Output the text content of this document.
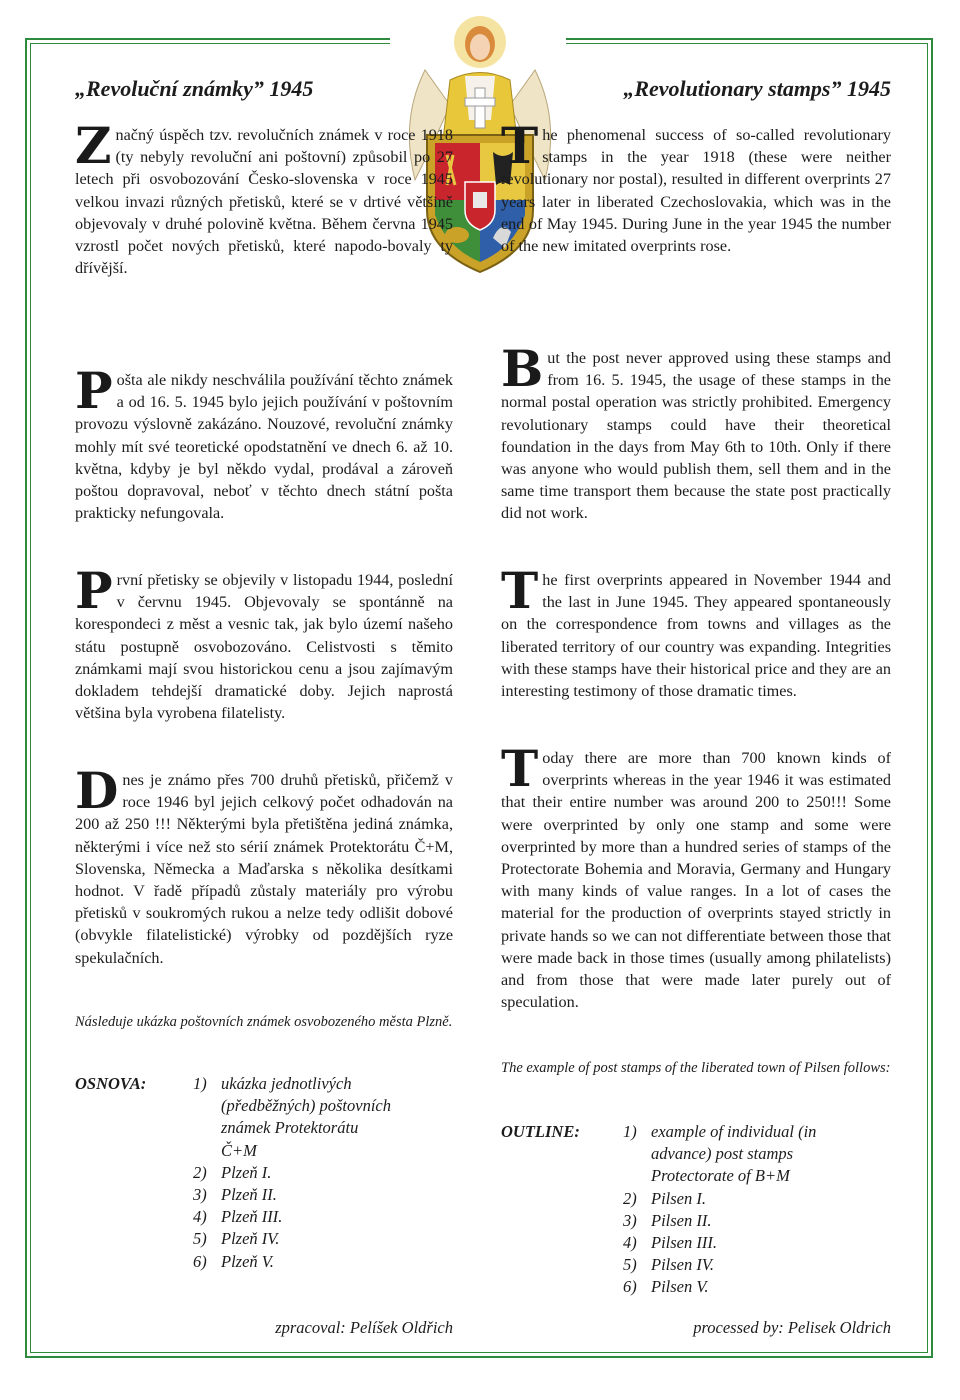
„Revoluční známky” 1945

Značný úspěch tzv. revolučních známek v roce 1918 (ty nebyly revoluční ani poštovní) způsobil po 27 letech při osvobozování Česko-slovenska v roce 1945 velkou invazi různých přetisků, které se v drtivé většině objevovaly v druhé polovině května. Během června 1945 vzrostl počet nových přetisků, které napodo-bovaly ty dřívější.

Pošta ale nikdy neschválila používání těchto známek a od 16. 5. 1945 bylo jejich používání v poštovním provozu výslovně zakázáno. Nouzové, revoluční známky mohly mít své teoretické opodstatnění ve dnech 6. až 10. května, kdyby je byl někdo vydal, prodával a zároveň poštou dopravoval, neboť v těchto dnech státní pošta prakticky nefungovala.

První přetisky se objevily v listopadu 1944, poslední v červnu 1945. Objevovaly se spontánně na korespondeci z měst a vesnic tak, jak bylo území našeho státu postupně osvobozováno. Celistvosti s těmito známkami mají svou historickou cenu a jsou zajímavým dokladem tehdejší dramatické doby. Jejich naprostá většina byla vyrobena filatelisty.

Dnes je známo přes 700 druhů přetisků, přičemž v roce 1946 byl jejich celkový počet odhadován na 200 až 250 !!! Některými byla přetištěna jediná známka, některými i více než sto sérií známek Protektorátu Č+M, Slovenska, Německa a Maďarska s několika desítkami hodnot. V řadě případů zůstaly materiály pro výrobu přetisků v soukromých rukou a nelze tedy odlišit dobové (obvykle filatelistické) výrobky od pozdějších ryze spekulačních.

Následuje ukázka poštovních známek osvobozeného města Plzně.

OSNOVA:	1) ukázka jednotlivých (předběžných) poštovních známek Protektorátu Č+M
2) Plzeň I.
3) Plzeň II.
4) Plzeň III.
5) Plzeň IV.
6) Plzeň V.
zpracoval: Pelíšek Oldřich
„Revolutionary stamps” 1945

The phenomenal success of so-called revolutionary stamps in the year 1918 (these were neither revolutionary nor postal), resulted in different overprints 27 years later in liberated Czechoslovakia, which was in the end of May 1945. During June in the year 1945 the number of the new imitated overprints rose.

But the post never approved using these stamps and from 16. 5. 1945, the usage of these stamps in the normal postal operation was strictly prohibited. Emergency revolutionary stamps could have their theoretical foundation in the days from May 6th to 10th. Only if there was anyone who would publish them, sell them and in the same time transport them because the state post practically did not work.

The first overprints appeared in November 1944 and the last in June 1945. They appeared spontaneously on the correspondence from towns and villages as the liberated territory of our country was expanding. Integrities with these stamps have their historical price and they are an interesting testimony of those dramatic times.

Today there are more than 700 known kinds of overprints whereas in the year 1946 it was estimated that their entire number was around 200 to 250!!! Some were overprinted by only one stamp and some were overprinted by more than a hundred series of stamps of the Protectorate Bohemia and Moravia, Germany and Hungary with many kinds of value ranges. In a lot of cases the material for the production of overprints stayed strictly in private hands so we can not differentiate between those that were made back in those times (usually among philatelists) and from those that were made later purely out of speculation.

The example of post stamps of the liberated town of Pilsen follows:

OUTLINE:	1) example of individual (in advance) post stamps Protectorate of B+M
2) Pilsen I.
3) Pilsen II.
4) Pilsen III.
5) Pilsen IV.
6) Pilsen V.
processed by: Pelisek Oldrich
